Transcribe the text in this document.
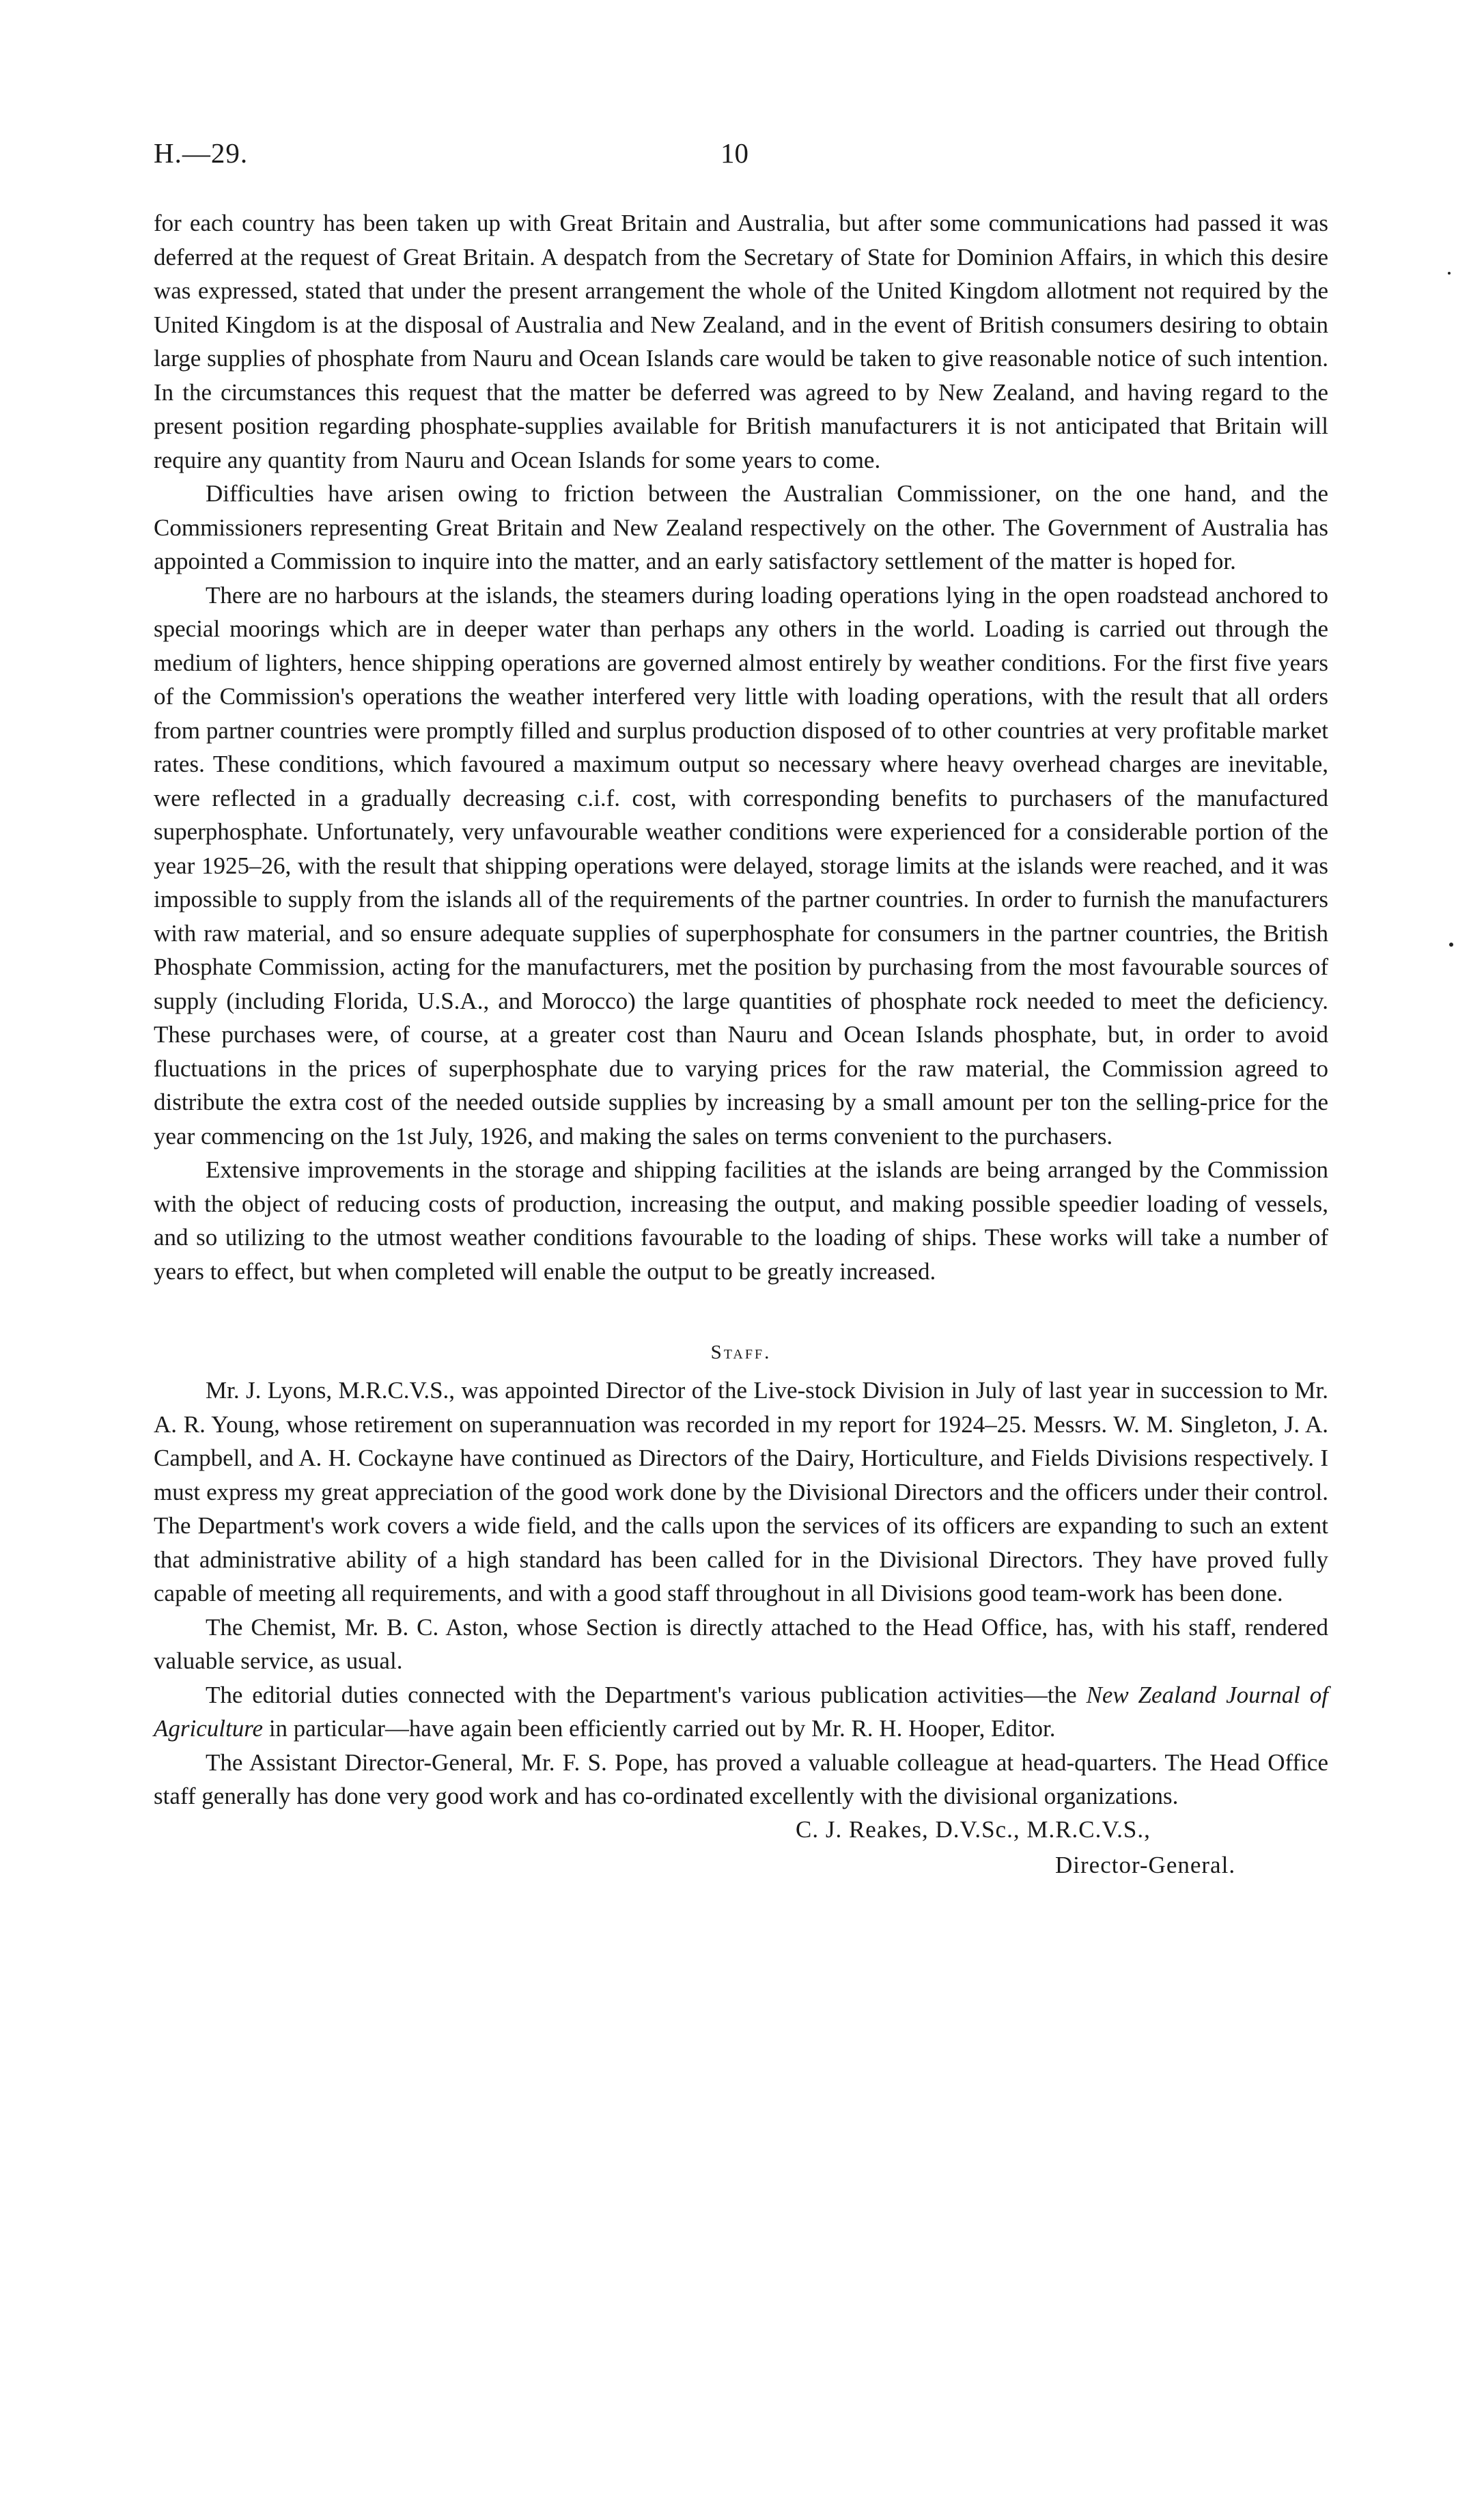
H.—29.	10

for each country has been taken up with Great Britain and Australia, but after some communications had passed it was deferred at the request of Great Britain. A despatch from the Secretary of State for Dominion Affairs, in which this desire was expressed, stated that under the present arrangement the whole of the United Kingdom allotment not required by the United Kingdom is at the disposal of Australia and New Zealand, and in the event of British consumers desiring to obtain large supplies of phosphate from Nauru and Ocean Islands care would be taken to give reasonable notice of such intention. In the circumstances this request that the matter be deferred was agreed to by New Zealand, and having regard to the present position regarding phosphate-supplies available for British manufacturers it is not anticipated that Britain will require any quantity from Nauru and Ocean Islands for some years to come.

Difficulties have arisen owing to friction between the Australian Commissioner, on the one hand, and the Commissioners representing Great Britain and New Zealand respectively on the other. The Government of Australia has appointed a Commission to inquire into the matter, and an early satisfactory settlement of the matter is hoped for.

There are no harbours at the islands, the steamers during loading operations lying in the open roadstead anchored to special moorings which are in deeper water than perhaps any others in the world. Loading is carried out through the medium of lighters, hence shipping operations are governed almost entirely by weather conditions. For the first five years of the Commission's operations the weather interfered very little with loading operations, with the result that all orders from partner countries were promptly filled and surplus production disposed of to other countries at very profitable market rates. These conditions, which favoured a maximum output so necessary where heavy overhead charges are inevitable, were reflected in a gradually decreasing c.i.f. cost, with corresponding benefits to purchasers of the manufactured superphosphate. Unfortunately, very unfavourable weather conditions were experienced for a considerable portion of the year 1925–26, with the result that shipping operations were delayed, storage limits at the islands were reached, and it was impossible to supply from the islands all of the requirements of the partner countries. In order to furnish the manufacturers with raw material, and so ensure adequate supplies of superphosphate for consumers in the partner countries, the British Phosphate Commission, acting for the manufacturers, met the position by purchasing from the most favourable sources of supply (including Florida, U.S.A., and Morocco) the large quantities of phosphate rock needed to meet the deficiency. These purchases were, of course, at a greater cost than Nauru and Ocean Islands phosphate, but, in order to avoid fluctuations in the prices of superphosphate due to varying prices for the raw material, the Commission agreed to distribute the extra cost of the needed outside supplies by increasing by a small amount per ton the selling-price for the year commencing on the 1st July, 1926, and making the sales on terms convenient to the purchasers.

Extensive improvements in the storage and shipping facilities at the islands are being arranged by the Commission with the object of reducing costs of production, increasing the output, and making possible speedier loading of vessels, and so utilizing to the utmost weather conditions favourable to the loading of ships. These works will take a number of years to effect, but when completed will enable the output to be greatly increased.

Staff.

Mr. J. Lyons, M.R.C.V.S., was appointed Director of the Live-stock Division in July of last year in succession to Mr. A. R. Young, whose retirement on superannuation was recorded in my report for 1924–25. Messrs. W. M. Singleton, J. A. Campbell, and A. H. Cockayne have continued as Directors of the Dairy, Horticulture, and Fields Divisions respectively. I must express my great appreciation of the good work done by the Divisional Directors and the officers under their control. The Department's work covers a wide field, and the calls upon the services of its officers are expanding to such an extent that administrative ability of a high standard has been called for in the Divisional Directors. They have proved fully capable of meeting all requirements, and with a good staff throughout in all Divisions good team-work has been done.

The Chemist, Mr. B. C. Aston, whose Section is directly attached to the Head Office, has, with his staff, rendered valuable service, as usual.

The editorial duties connected with the Department's various publication activities—the New Zealand Journal of Agriculture in particular—have again been efficiently carried out by Mr. R. H. Hooper, Editor.

The Assistant Director-General, Mr. F. S. Pope, has proved a valuable colleague at head-quarters. The Head Office staff generally has done very good work and has co-ordinated excellently with the divisional organizations.

C. J. Reakes, D.V.Sc., M.R.C.V.S.,
Director-General.
